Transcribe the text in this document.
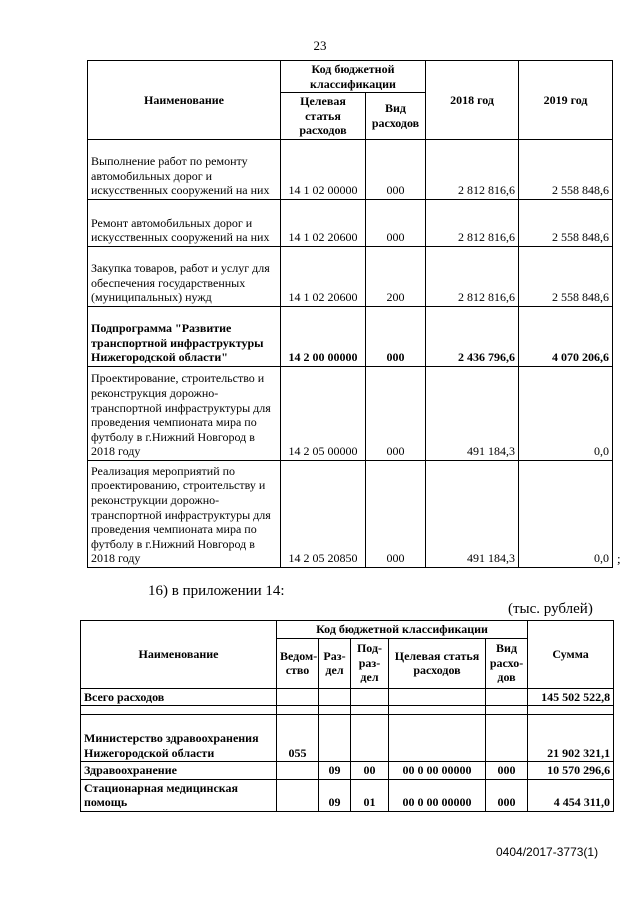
23
Наименование	Код бюджетной классификации		2018 год	2019 год
	Целевая статья расходов	Вид расходов		
Выполнение работ по ремонту автомобильных дорог и искусственных сооружений на них	14 1 02 00000	000	2 812 816,6	2 558 848,6
Ремонт автомобильных дорог и искусственных сооружений на них	14 1 02 20600	000	2 812 816,6	2 558 848,6
Закупка товаров, работ и услуг для обеспечения государственных (муниципальных) нужд	14 1 02 20600	200	2 812 816,6	2 558 848,6
Подпрограмма "Развитие транспортной инфраструктуры Нижегородской области"	14 2 00 00000	000	2 436 796,6	4 070 206,6
Проектирование, строительство и реконструкция дорожно-транспортной инфраструктуры для проведения чемпионата мира по футболу в г.Нижний Новгород в 2018 году	14 2 05 00000	000	491 184,3	0,0
Реализация мероприятий по проектированию, строительству и реконструкции дорожно-транспортной инфраструктуры для проведения чемпионата мира по футболу в г.Нижний Новгород в 2018 году	14 2 05 20850	000	491 184,3	0,0 ;
16) в приложении 14:
(тыс. рублей)
Наименование	Код бюджетной классификации					Сумма
	Ведом-ство	Раз-дел	Под-раз-дел	Целевая статья расходов	Вид расхо-дов	
Всего расходов						145 502 522,8

Министерство здравоохранения Нижегородской области	055					21 902 321,1
Здравоохранение		09	00	00 0 00 00000	000	10 570 296,6
Стационарная медицинская помощь		09	01	00 0 00 00000	000	4 454 311,0
0404/2017-3773(1)
